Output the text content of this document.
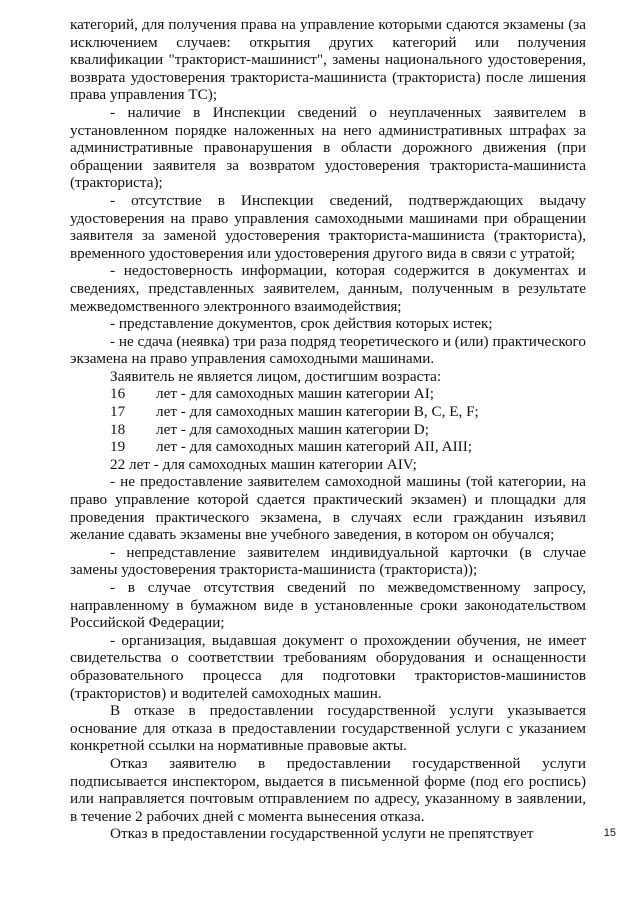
категорий, для получения права на управление которыми сдаются экзамены (за исключением случаев: открытия других категорий или получения квалификации "тракторист-машинист", замены национального удостоверения, возврата удостоверения тракториста-машиниста (тракториста) после лишения права управления ТС);

- наличие в Инспекции сведений о неуплаченных заявителем в установленном порядке наложенных на него административных штрафах за административные правонарушения в области дорожного движения (при обращении заявителя за возвратом удостоверения тракториста-машиниста (тракториста);

- отсутствие в Инспекции сведений, подтверждающих выдачу удостоверения на право управления самоходными машинами при обращении заявителя за заменой удостоверения тракториста-машиниста (тракториста), временного удостоверения или удостоверения другого вида в связи с утратой;

- недостоверность информации, которая содержится в документах и сведениях, представленных заявителем, данным, полученным в результате межведомственного электронного взаимодействия;

- представление документов, срок действия которых истек;

- не сдача (неявка) три раза подряд теоретического и (или) практического экзамена на право управления самоходными машинами.

Заявитель не является лицом, достигшим возраста:

16	лет - для самоходных машин категории AI;
17	лет - для самоходных машин категории B, C, E, F;
18	лет - для самоходных машин категории D;
19	лет - для самоходных машин категорий AII, AIII;

22 лет - для самоходных машин категории AIV;

- не предоставление заявителем самоходной машины (той категории, на право управление которой сдается практический экзамен) и площадки для проведения практического экзамена, в случаях если гражданин изъявил желание сдавать экзамены вне учебного заведения, в котором он обучался;

- непредставление заявителем индивидуальной карточки (в случае замены удостоверения тракториста-машиниста (тракториста));

- в случае отсутствия сведений по межведомственному запросу, направленному в бумажном виде в установленные сроки законодательством Российской Федерации;

- организация, выдавшая документ о прохождении обучения, не имеет свидетельства о соответствии требованиям оборудования и оснащенности образовательного процесса для подготовки трактористов-машинистов (трактористов) и водителей самоходных машин.

В отказе в предоставлении государственной услуги указывается основание для отказа в предоставлении государственной услуги с указанием конкретной ссылки на нормативные правовые акты.

Отказ заявителю в предоставлении государственной услуги подписывается инспектором, выдается в письменной форме (под его роспись) или направляется почтовым отправлением по адресу, указанному в заявлении, в течение 2 рабочих дней с момента вынесения отказа.

Отказ в предоставлении государственной услуги не препятствует	15
